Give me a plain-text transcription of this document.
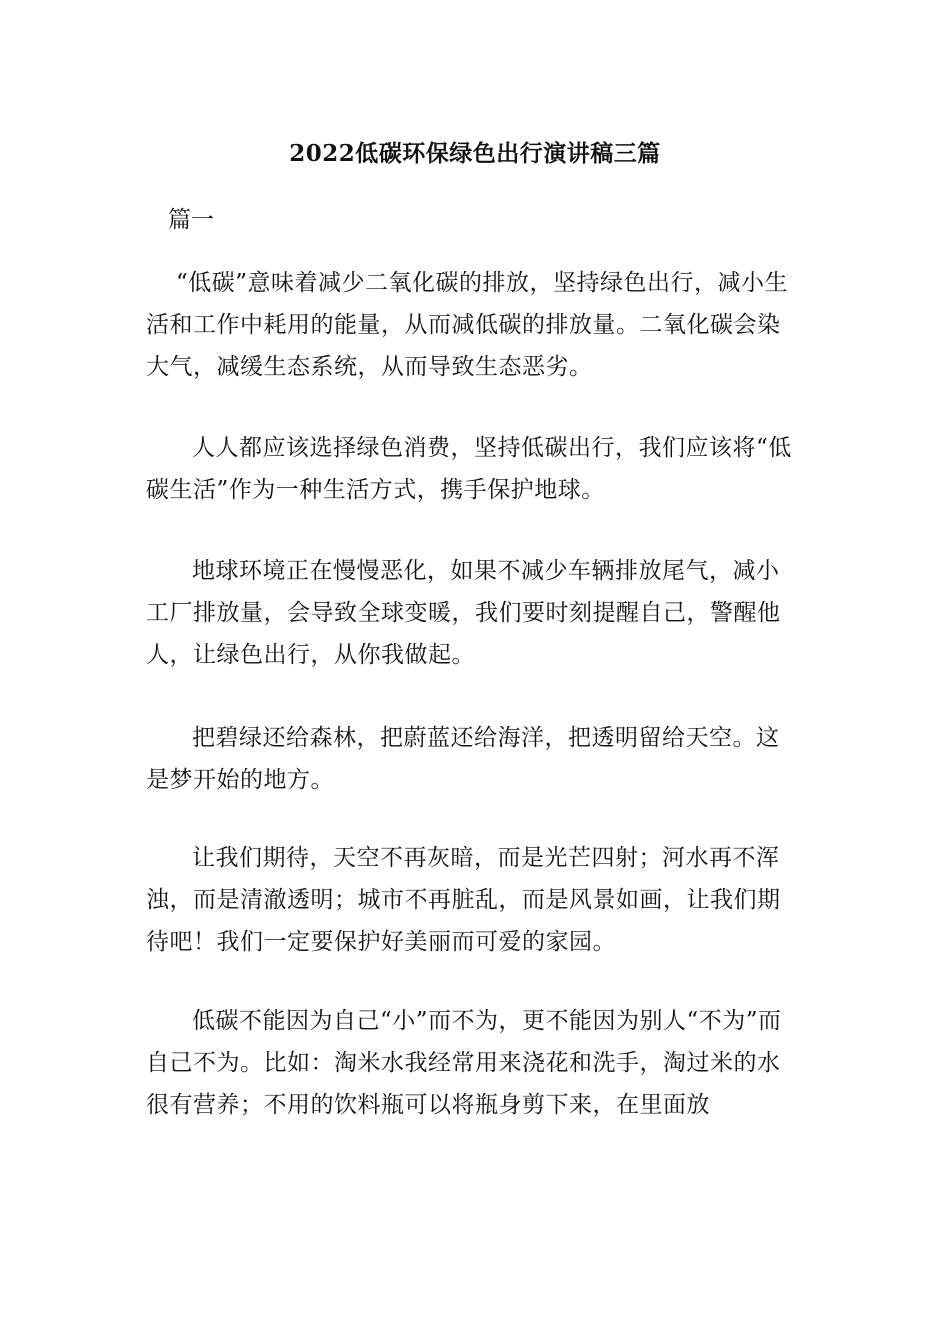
2022低碳环保绿色出行演讲稿三篇
篇一

“低碳”意味着减少二氧化碳的排放，坚持绿色出行，减小生活和工作中耗用的能量，从而减低碳的排放量。二氧化碳会染大气，减缓生态系统，从而导致生态恶劣。

人人都应该选择绿色消费，坚持低碳出行，我们应该将“低碳生活”作为一种生活方式，携手保护地球。

地球环境正在慢慢恶化，如果不减少车辆排放尾气，减小工厂排放量，会导致全球变暖，我们要时刻提醒自己，警醒他人，让绿色出行，从你我做起。

把碧绿还给森林，把蔚蓝还给海洋，把透明留给天空。这是梦开始的地方。

让我们期待，天空不再灰暗，而是光芒四射；河水再不浑浊，而是清澈透明；城市不再脏乱，而是风景如画，让我们期待吧！我们一定要保护好美丽而可爱的家园。

低碳不能因为自己“小”而不为，更不能因为别人“不为”而自己不为。比如：淘米水我经常用来浇花和洗手，淘过米的水很有营养；不用的饮料瓶可以将瓶身剪下来，在里面放
